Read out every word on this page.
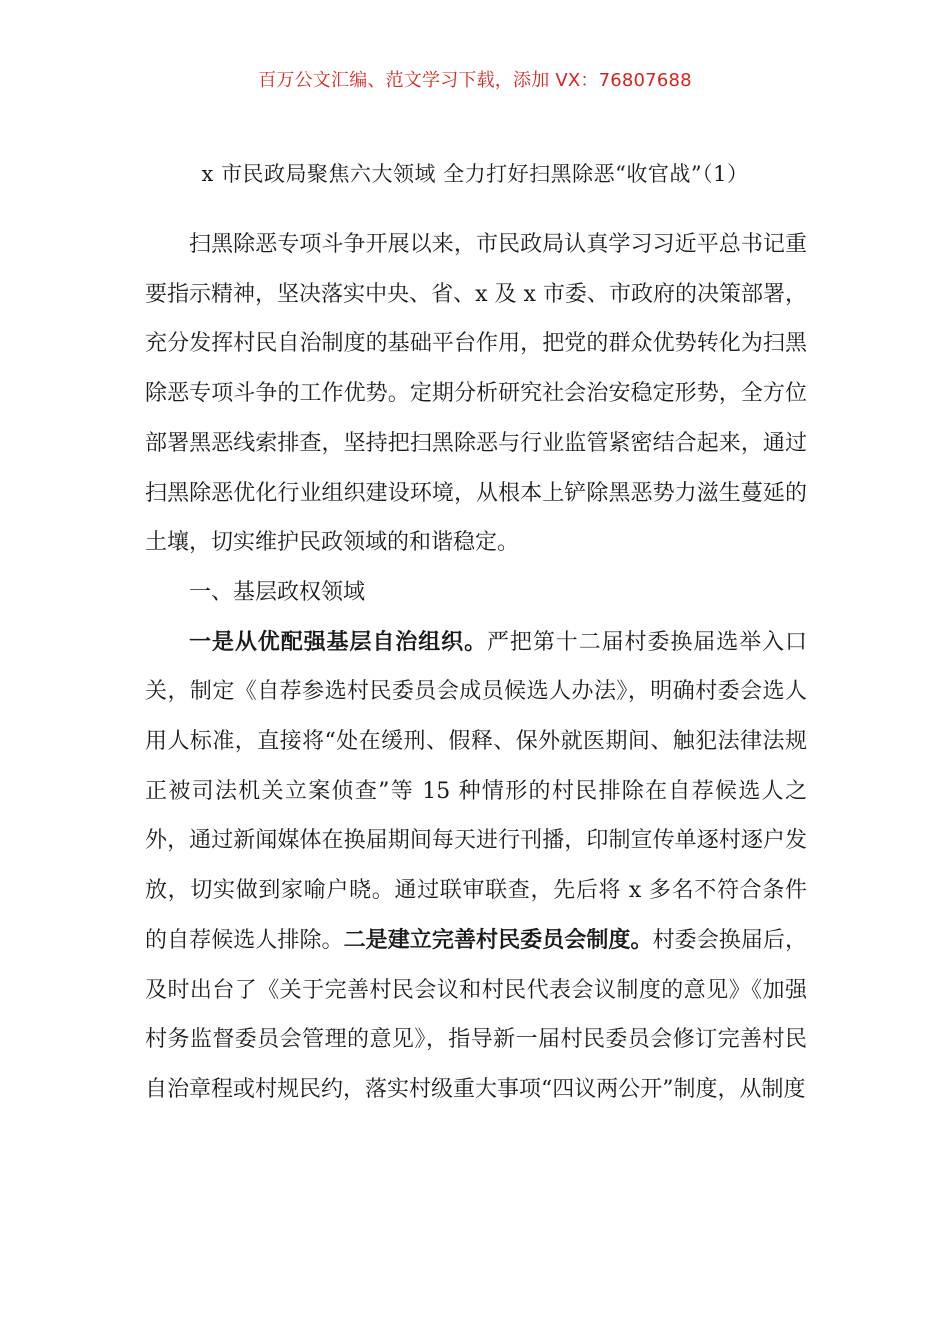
百万公文汇编、范文学习下载，添加 VX：76807688
x 市民政局聚焦六大领域 全力打好扫黑除恶“收官战”（1）

扫黑除恶专项斗争开展以来，市民政局认真学习习近平总书记重要指示精神，坚决落实中央、省、x 及 x 市委、市政府的决策部署，充分发挥村民自治制度的基础平台作用，把党的群众优势转化为扫黑除恶专项斗争的工作优势。定期分析研究社会治安稳定形势，全方位部署黑恶线索排查，坚持把扫黑除恶与行业监管紧密结合起来，通过扫黑除恶优化行业组织建设环境，从根本上铲除黑恶势力滋生蔓延的土壤，切实维护民政领域的和谐稳定。

一、基层政权领域

一是从优配强基层自治组织。严把第十二届村委换届选举入口关，制定《自荐参选村民委员会成员候选人办法》，明确村委会选人用人标准，直接将“处在缓刑、假释、保外就医期间、触犯法律法规正被司法机关立案侦查”等 15 种情形的村民排除在自荐候选人之外，通过新闻媒体在换届期间每天进行刊播，印制宣传单逐村逐户发放，切实做到家喻户晓。通过联审联查，先后将 x 多名不符合条件的自荐候选人排除。二是建立完善村民委员会制度。村委会换届后，及时出台了《关于完善村民会议和村民代表会议制度的意见》《加强村务监督委员会管理的意见》，指导新一届村民委员会修订完善村民自治章程或村规民约，落实村级重大事项“四议两公开”制度，从制度
